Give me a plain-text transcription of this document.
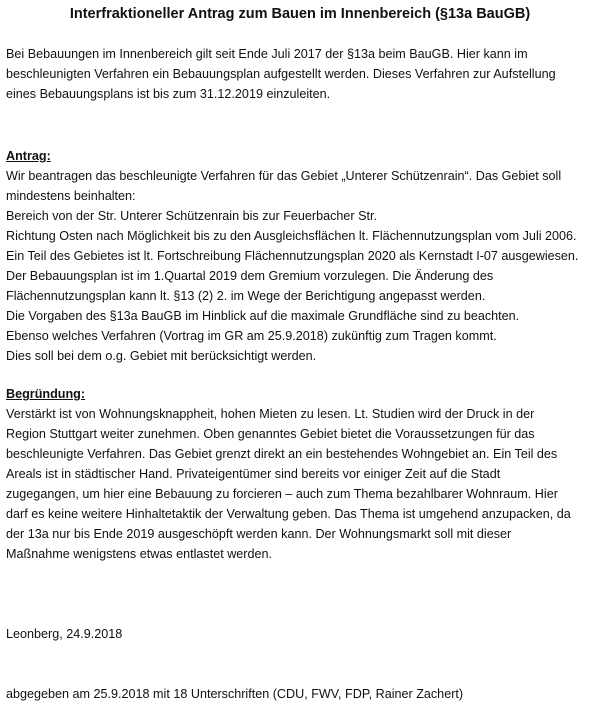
Interfraktioneller Antrag zum Bauen im Innenbereich (§13a BauGB)
Bei Bebauungen im Innenbereich gilt seit Ende Juli 2017 der §13a beim BauGB. Hier kann im
beschleunigten Verfahren ein Bebauungsplan aufgestellt werden. Dieses Verfahren zur Aufstellung
eines Bebauungsplans ist bis zum 31.12.2019 einzuleiten.
Antrag:
Wir beantragen das beschleunigte Verfahren für das Gebiet „Unterer Schützenrain“. Das Gebiet soll
mindestens beinhalten:
Bereich von der Str. Unterer Schützenrain bis zur Feuerbacher Str.
Richtung Osten nach Möglichkeit bis zu den Ausgleichsflächen lt. Flächennutzungsplan vom Juli 2006.
Ein Teil des Gebietes ist lt. Fortschreibung Flächennutzungsplan 2020 als Kernstadt I-07 ausgewiesen.
Der Bebauungsplan ist im 1.Quartal 2019 dem Gremium vorzulegen. Die Änderung des
Flächennutzungsplan kann lt. §13 (2) 2. im Wege der Berichtigung angepasst werden.
Die Vorgaben des §13a BauGB im Hinblick auf die maximale Grundfläche sind zu beachten.
Ebenso welches Verfahren (Vortrag im GR am 25.9.2018) zukünftig zum Tragen kommt.
Dies soll bei dem o.g. Gebiet mit berücksichtigt werden.
Begründung:
Verstärkt ist von Wohnungsknappheit, hohen Mieten zu lesen. Lt. Studien wird der Druck in der
Region Stuttgart weiter zunehmen. Oben genanntes Gebiet bietet die Voraussetzungen für das
beschleunigte Verfahren. Das Gebiet grenzt direkt an ein bestehendes Wohngebiet an. Ein Teil des
Areals ist in städtischer Hand. Privateigentümer sind bereits vor einiger Zeit auf die Stadt
zugegangen, um hier eine Bebauung zu forcieren – auch zum Thema bezahlbarer Wohnraum. Hier
darf es keine weitere Hinhaltetaktik der Verwaltung geben. Das Thema ist umgehend anzupacken, da
der 13a nur bis Ende 2019 ausgeschöpft werden kann. Der Wohnungsmarkt soll mit dieser
Maßnahme wenigstens etwas entlastet werden.
Leonberg, 24.9.2018
abgegeben am 25.9.2018 mit 18 Unterschriften (CDU, FWV, FDP, Rainer Zachert)
